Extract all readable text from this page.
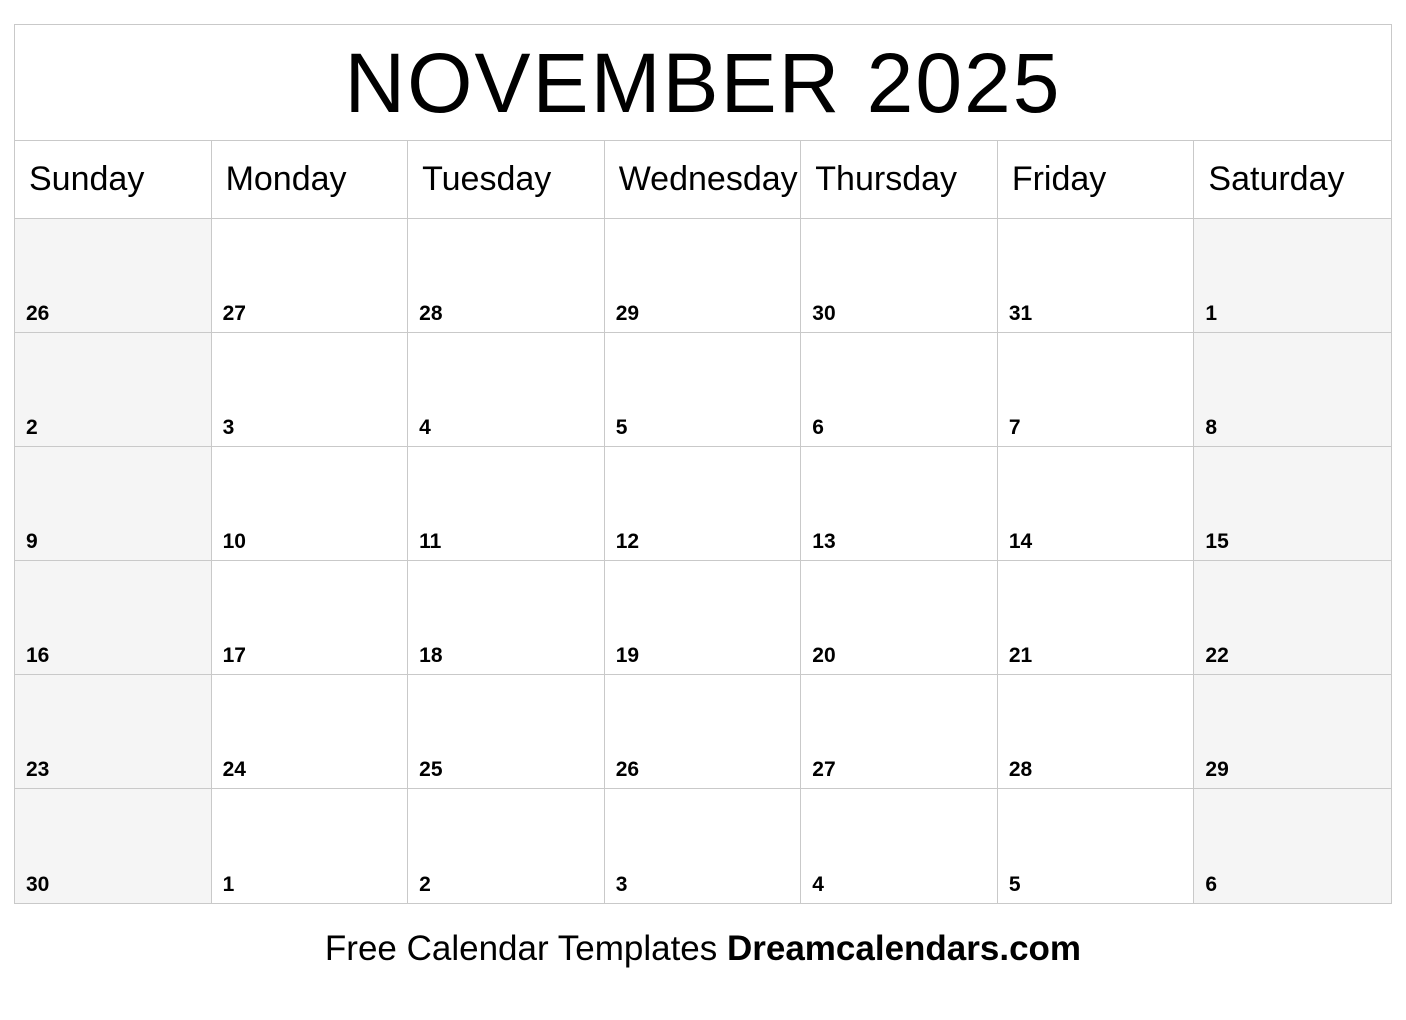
NOVEMBER 2025
Sunday	Monday	Tuesday	Wednesday Thursday	Friday	Saturday
26	27	28	29	30	31	1
2	3	4	5	6	7	8
9	10	11	12	13	14	15
16	17	18	19	20	21	22
23	24	25	26	27	28	29
30	1	2	3	4	5	6
Free Calendar Templates Dreamcalendars.com
